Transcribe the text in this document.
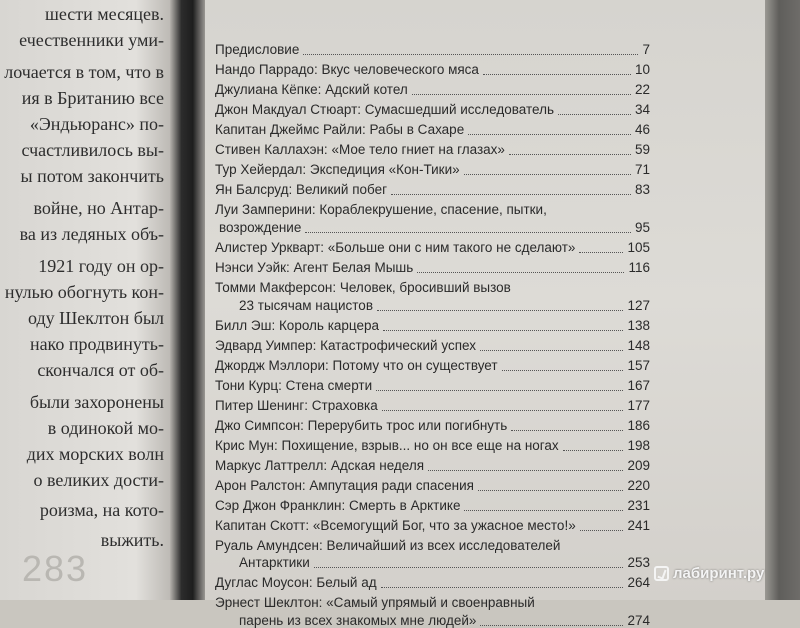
шести месяцев.
ечественники уми-
лочается в том, что в
ия в Британию все
«Эндьюранс» по-
счастливилось вы-
ы потом закончить
войне, но Антар-
ва из ледяных объ-
1921 году он ор-
нулью обогнуть кон-
оду Шеклтон был
нако продвинуть-
скончался от об-
были захоронены
в одинокой мо-
дих морских волн
о великих дости-
роизма, на кото-
выжить.
283
Предисловие	7
Нандо Паррадо: Вкус человеческого мяса	10
Джулиана Кёпке: Адский котел	22
Джон Макдуал Стюарт: Сумасшедший исследователь	34
Капитан Джеймс Райли: Рабы в Сахаре	46
Стивен Каллахэн: «Мое тело гниет на глазах»	59
Тур Хейердал: Экспедиция «Кон-Тики»	71
Ян Балсруд: Великий побег	83
Луи Замперини: Кораблекрушение, спасение, пытки,
возрождение	95
Алистер Уркварт: «Больше они с ним такого не сделают»	105
Нэнси Уэйк: Агент Белая Мышь	116
Томми Макферсон: Человек, бросивший вызов
23 тысячам нацистов	127
Билл Эш: Король карцера	138
Эдвард Уимпер: Катастрофический успех	148
Джордж Мэллори: Потому что он существует	157
Тони Курц: Стена смерти	167
Питер Шенинг: Страховка	177
Джо Симпсон: Перерубить трос или погибнуть	186
Крис Мун: Похищение, взрыв... но он все еще на ногах	198
Маркус Латтрелл: Адская неделя	209
Арон Ралстон: Ампутация ради спасения	220
Сэр Джон Франклин: Смерть в Арктике	231
Капитан Скотт: «Всемогущий Бог, что за ужасное место!»	241
Руаль Амундсен: Величайший из всех исследователей
Антарктики	253
Дуглас Моусон: Белый ад	264
Эрнест Шеклтон: «Самый упрямый и своенравный
парень из всех знакомых мне людей»	274
лабиринт.ру
